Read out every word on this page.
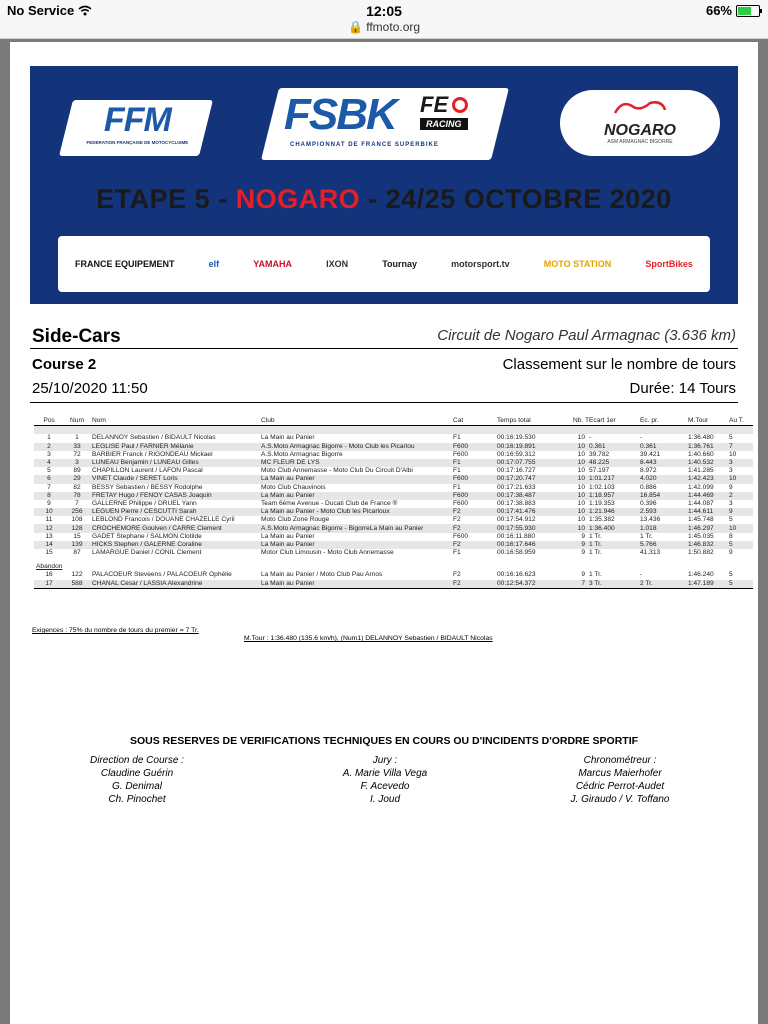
No Service	12:05
🔒 ffmoto.org
66%
FFM
FEDERATION FRANÇAISE DE MOTOCYCLISME
FSBK FE
RACING
CHAMPIONNAT DE FRANCE SUPERBIKE
NOGARO
ASM ARMAGNAC BIGORRE
ETAPE 5 - NOGARO - 24/25 OCTOBRE 2020
FRANCE EQUIPEMENT	elf	YAMAHA	IXON	Tournay	motorsport.tv	MOTO STATION	SportBikes
Side-Cars	Circuit de Nogaro Paul Armagnac (3.636 km)
Course 2	Classement sur le nombre de tours
25/10/2020 11:50	Durée: 14 Tours
Pos	Num	Nom	Club	Cat	Temps total	Nb. T	Ecart 1er	Ec. pr.	M.Tour	Au T.

1	1	DELANNOY Sebastien / BIDAULT Nicolas	La Main au Panier	F1	00:16:19.530	10	-	-	1:36.480	5
2	33	LEGLISE Paul / FARNIER Mélanie	A.S.Moto Armagnac Bigorre - Moto Club les Picarlou	F600	00:16:19.891	10	0.361	0.361	1:36.761	7
3	72	BARBIER Franck / RIGONDEAU Mickael	A.S.Moto Armagnac Bigorre	F600	00:16:59.312	10	39.782	39.421	1:40.660	10
4	3	LUNEAU Benjamin / LUNEAU Gilles	MC FLEUR DE LYS	F1	00:17:07.755	10	48.225	8.443	1:40.532	3
5	89	CHAPILLON Laurent / LAFON Pascal	Moto Club Annemasse - Moto Club Du Circuit D'Albi	F1	00:17:16.727	10	57.197	8.972	1:41.285	3
6	29	VINET Claude / SERET Loris	La Main au Panier	F600	00:17:20.747	10	1:01.217	4.020	1:42.423	10
7	82	BESSY Sebastien / BESSY Rodolphe	Moto Club Chauvinois	F1	00:17:21.633	10	1:02.103	0.886	1:42.099	9
8	78	FRETAY Hugo / FENOY CASAS Joaquin	La Main au Panier	F600	00:17:38.487	10	1:18.957	16.854	1:44.469	2
9	7	GALLERNE Philippe / DRUEL Yann	Team 6ème Avenue - Ducati Club de France ®	F600	00:17:38.883	10	1:19.353	0.396	1:44.087	3
10	256	LEGUEN Pierre / CESCUTTI Sarah	La Main au Panier - Moto Club les Picarloux	F2	00:17:41.476	10	1:21.946	2.593	1:44.611	9
11	108	LEBLOND Francois / DOUANE CHAZELLE Cyril	Moto Club Zone Rouge	F2	00:17:54.912	10	1:35.382	13.436	1:45.748	5
12	128	CROCHEMORE Goulven / CARRE Clement	A.S.Moto Armagnac Bigorre - BigorreLa Main au Panier	F2	00:17:55.930	10	1:36.400	1.018	1:46.297	10
13	15	GADET Stephane / SALMON Clotilde	La Main au Panier	F600	00:16:11.880	9	1 Tr.	1 Tr.	1:45.035	8
14	139	HICKS Stephen / GALERNE Coraline	La Main au Panier	F2	00:16:17.646	9	1 Tr.	5.766	1:46.832	5
15	87	LAMARGUE Daniel / CONIL Clement	Motor Club Limousin - Moto Club Annemasse	F1	00:16:58.959	9	1 Tr.	41.313	1:50.882	9
Abandon										
16	122	PALACOEUR Steveens / PALACOEUR Ophélie	La Main au Panier / Moto Club Pau Arnos	F2	00:16:16.623	9	1 Tr.	-	1:46.240	5
17	588	CHANAL Cesar / LASSIA Alexandrine	La Main au Panier	F2	00:12:54.372	7	3 Tr.	2 Tr.	1:47.189	5
Exigences : 75% du nombre de tours du premier = 7 Tr.
M.Tour : 1:36.480 (135.6 km/h), (Num1) DELANNOY Sebastien / BIDAULT Nicolas
SOUS RESERVES DE VERIFICATIONS TECHNIQUES EN COURS OU D'INCIDENTS D'ORDRE SPORTIF
Direction de Course :
Claudine Guérin
G. Denimal
Ch. Pinochet
Jury :
A. Marie Villa Vega
F. Acevedo
I. Joud
Chronométreur :
Marcus Maierhofer
Cédric Perrot-Audet
J. Giraudo / V. Toffano
